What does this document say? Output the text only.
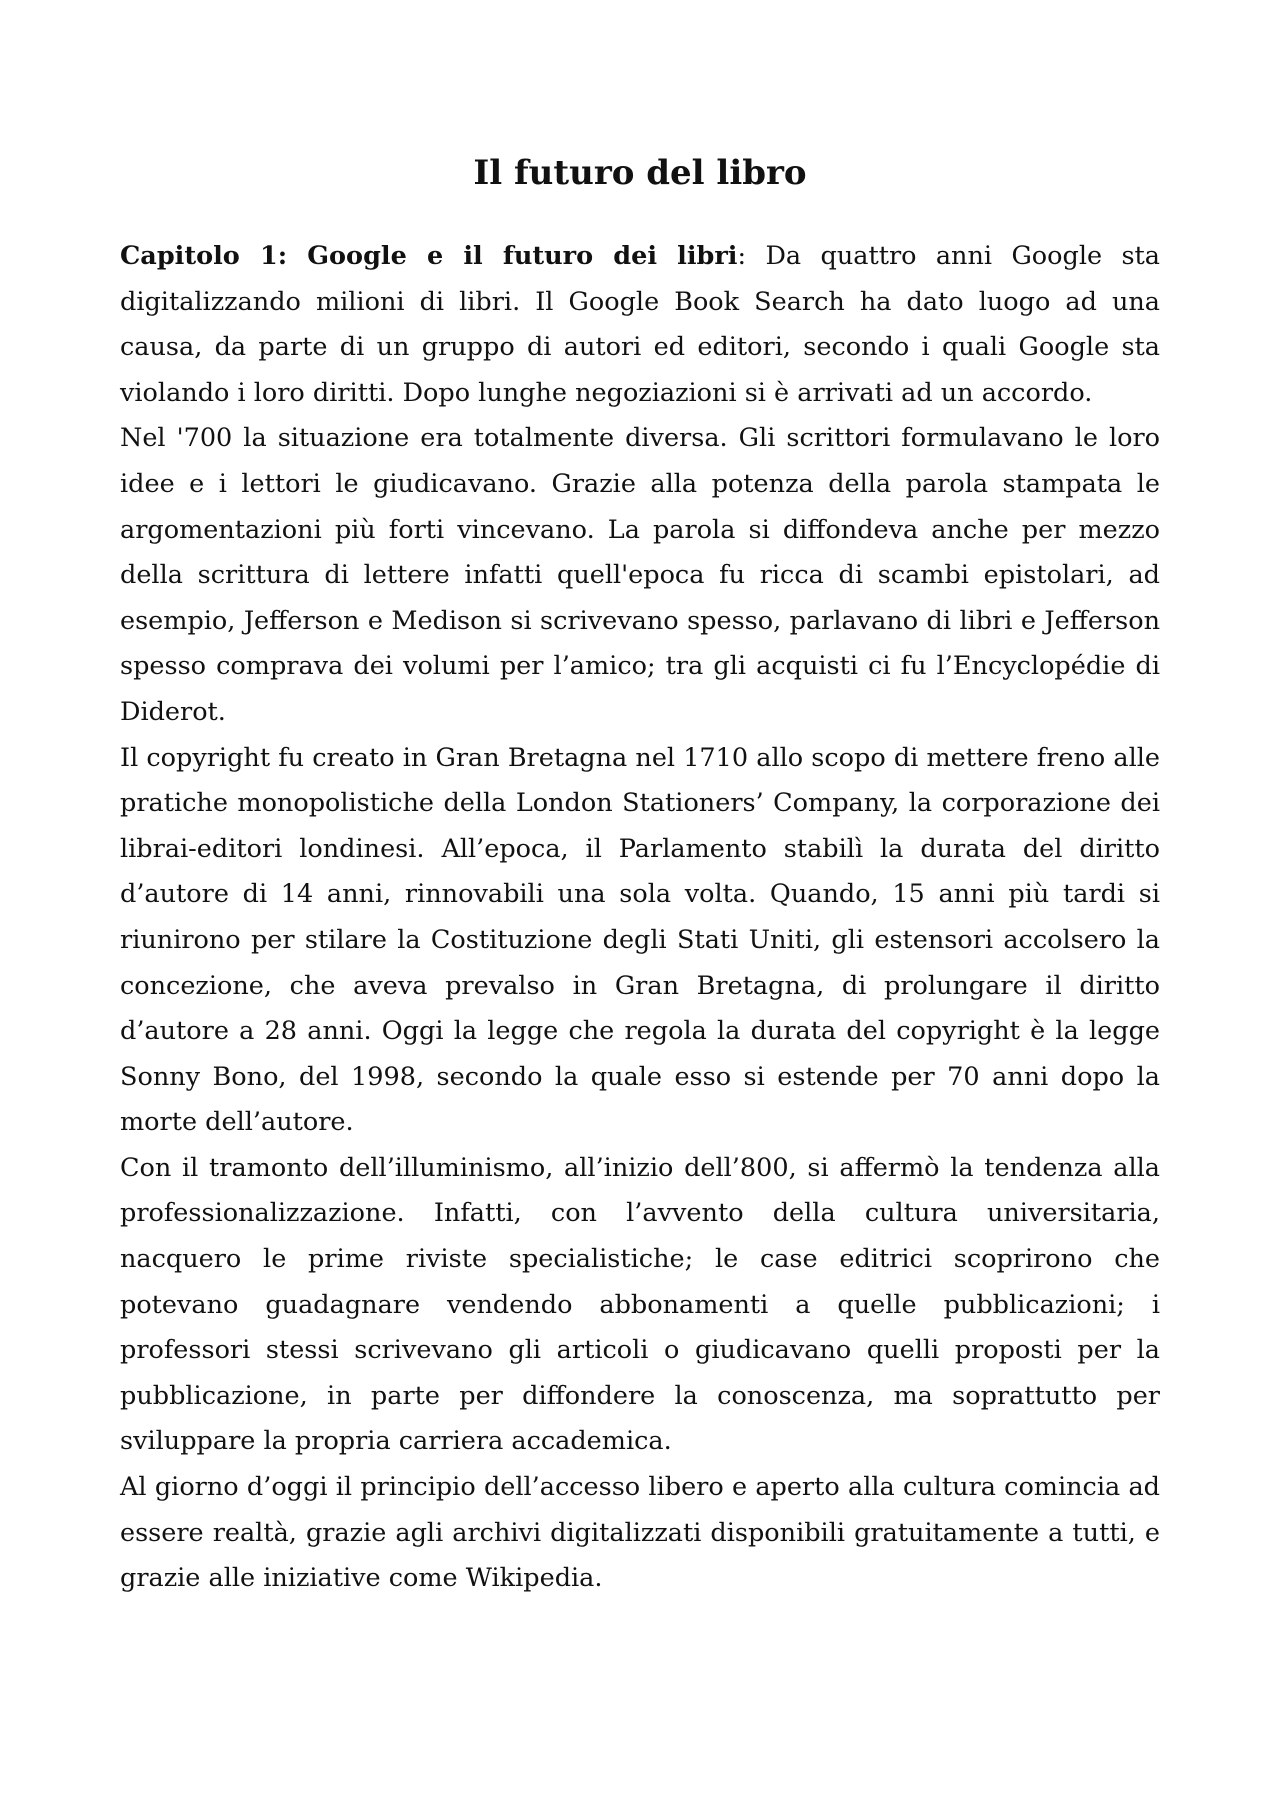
Il futuro del libro

Capitolo 1: Google e il futuro dei libri: Da quattro anni Google sta digitalizzando milioni di libri. Il Google Book Search ha dato luogo ad una causa, da parte di un gruppo di autori ed editori, secondo i quali Google sta violando i loro diritti. Dopo lunghe negoziazioni si è arrivati ad un accordo.

Nel '700 la situazione era totalmente diversa. Gli scrittori formulavano le loro idee e i lettori le giudicavano. Grazie alla potenza della parola stampata le argomentazioni più forti vincevano. La parola si diffondeva anche per mezzo della scrittura di lettere infatti quell'epoca fu ricca di scambi epistolari, ad esempio, Jefferson e Medison si scrivevano spesso, parlavano di libri e Jefferson spesso comprava dei volumi per l’amico; tra gli acquisti ci fu l’Encyclopédie di Diderot.

Il copyright fu creato in Gran Bretagna nel 1710 allo scopo di mettere freno alle pratiche monopolistiche della London Stationers’ Company, la corporazione dei librai-editori londinesi. All’epoca, il Parlamento stabilì la durata del diritto d’autore di 14 anni, rinnovabili una sola volta. Quando, 15 anni più tardi si riunirono per stilare la Costituzione degli Stati Uniti, gli estensori accolsero la concezione, che aveva prevalso in Gran Bretagna, di prolungare il diritto d’autore a 28 anni. Oggi la legge che regola la durata del copyright è la legge Sonny Bono, del 1998, secondo la quale esso si estende per 70 anni dopo la morte dell’autore.

Con il tramonto dell’illuminismo, all’inizio dell’800, si affermò la tendenza alla professionalizzazione. Infatti, con l’avvento della cultura universitaria, nacquero le prime riviste specialistiche; le case editrici scoprirono che potevano guadagnare vendendo abbonamenti a quelle pubblicazioni; i professori stessi scrivevano gli articoli o giudicavano quelli proposti per la pubblicazione, in parte per diffondere la conoscenza, ma soprattutto per sviluppare la propria carriera accademica.

Al giorno d’oggi il principio dell’accesso libero e aperto alla cultura comincia ad essere realtà, grazie agli archivi digitalizzati disponibili gratuitamente a tutti, e grazie alle iniziative come Wikipedia.
